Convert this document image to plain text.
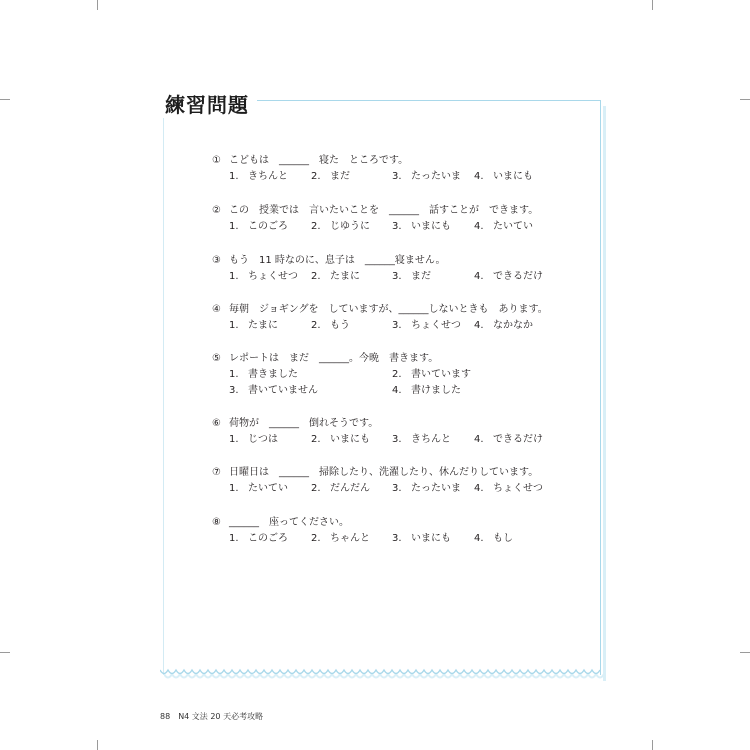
練習問題
① こどもは　______　寝た　ところです。
1. きちんと 2. まだ	3. たったいま 4. いまにも
② この　授業では　言いたいことを　______　話すことが　できます。
1. このごろ 2. じゆうに 3. いまにも 4. たいてい
③ もう　11 時なのに、息子は　______寝ません。
1. ちょくせつ 2. たまに	3. まだ	4. できるだけ
④ 毎朝　ジョギングを　していますが、______しないときも　あります。
1. たまに	2. もう	3. ちょくせつ 4. なかなか
⑤ レポートは　まだ　______。今晩　書きます。
1. 書きました	2. 書いています
3. 書いていません	4. 書けました
⑥ 荷物が　______　倒れそうです。
1. じつは	2. いまにも 3. きちんと 4. できるだけ
⑦ 日曜日は　______　掃除したり、洗濯したり、休んだりしています。
1. たいてい 2. だんだん 3. たったいま 4. ちょくせつ
⑧ ______　座ってください。
1. このごろ 2. ちゃんと 3. いまにも 4. もし
88 N4 文法 20 天必考攻略
